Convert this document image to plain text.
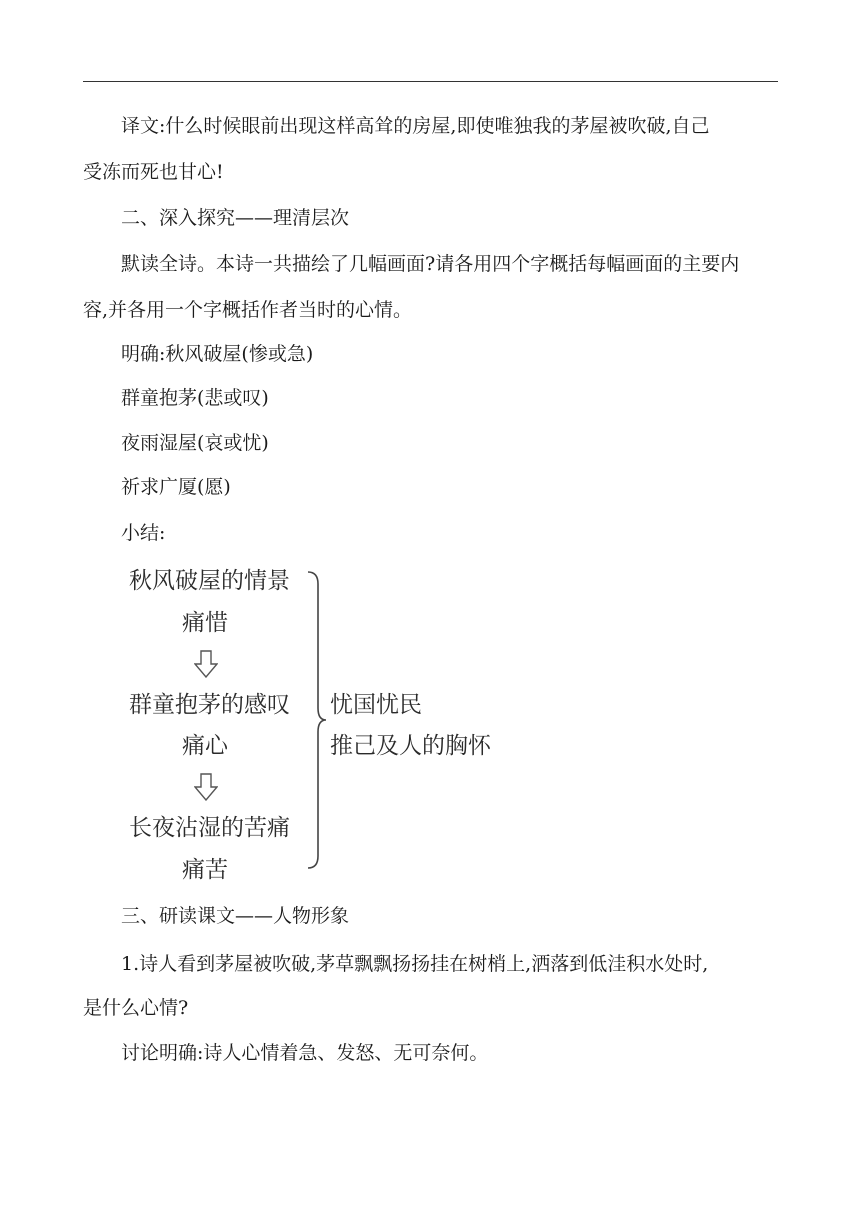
译文:什么时候眼前出现这样高耸的房屋,即使唯独我的茅屋被吹破,自己
受冻而死也甘心!
二、深入探究——理清层次
默读全诗。本诗一共描绘了几幅画面?请各用四个字概括每幅画面的主要内
容,并各用一个字概括作者当时的心情。
明确:秋风破屋(惨或急)
群童抱茅(悲或叹)
夜雨湿屋(哀或忧)
祈求广厦(愿)
小结:
秋风破屋的情景
痛惜
群童抱茅的感叹
痛心
长夜沾湿的苦痛
痛苦
忧国忧民
推己及人的胸怀
三、研读课文——人物形象
1.诗人看到茅屋被吹破,茅草飘飘扬扬挂在树梢上,洒落到低洼积水处时,
是什么心情?
讨论明确:诗人心情着急、发怒、无可奈何。
